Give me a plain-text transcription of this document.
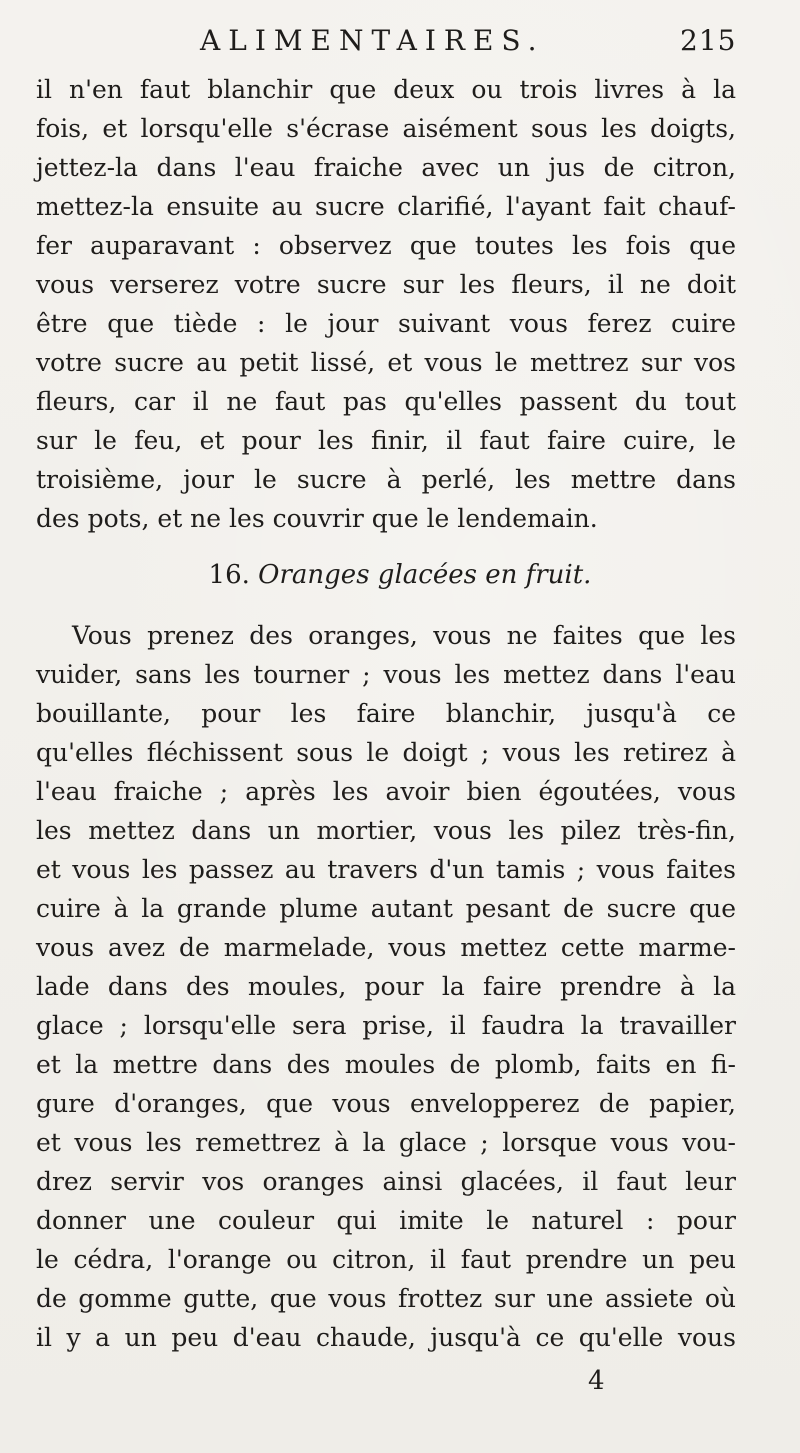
ALIMENTAIRES.	215
il n'en faut blanchir que deux ou trois livres à la
fois, et lorsqu'elle s'écrase aisément sous les doigts,
jettez-la dans l'eau fraiche avec un jus de citron,
mettez-la ensuite au sucre clarifié, l'ayant fait chauf-
fer auparavant : observez que toutes les fois que
vous verserez votre sucre sur les fleurs, il ne doit
être que tiède : le jour suivant vous ferez cuire
votre sucre au petit lissé, et vous le mettrez sur vos
fleurs, car il ne faut pas qu'elles passent du tout
sur le feu, et pour les finir, il faut faire cuire, le
troisième, jour le sucre à perlé, les mettre dans
des pots, et ne les couvrir que le lendemain.
16. Oranges glacées en fruit.
Vous prenez des oranges, vous ne faites que les
vuider, sans les tourner ; vous les mettez dans l'eau
bouillante, pour les faire blanchir, jusqu'à ce
qu'elles fléchissent sous le doigt ; vous les retirez à
l'eau fraiche ; après les avoir bien égoutées, vous
les mettez dans un mortier, vous les pilez très-fin,
et vous les passez au travers d'un tamis ; vous faites
cuire à la grande plume autant pesant de sucre que
vous avez de marmelade, vous mettez cette marme-
lade dans des moules, pour la faire prendre à la
glace ; lorsqu'elle sera prise, il faudra la travailler
et la mettre dans des moules de plomb, faits en fi-
gure d'oranges, que vous envelopperez de papier,
et vous les remettrez à la glace ; lorsque vous vou-
drez servir vos oranges ainsi glacées, il faut leur
donner une couleur qui imite le naturel : pour
le cédra, l'orange ou citron, il faut prendre un peu
de gomme gutte, que vous frottez sur une assiete où
il y a un peu d'eau chaude, jusqu'à ce qu'elle vous
4
